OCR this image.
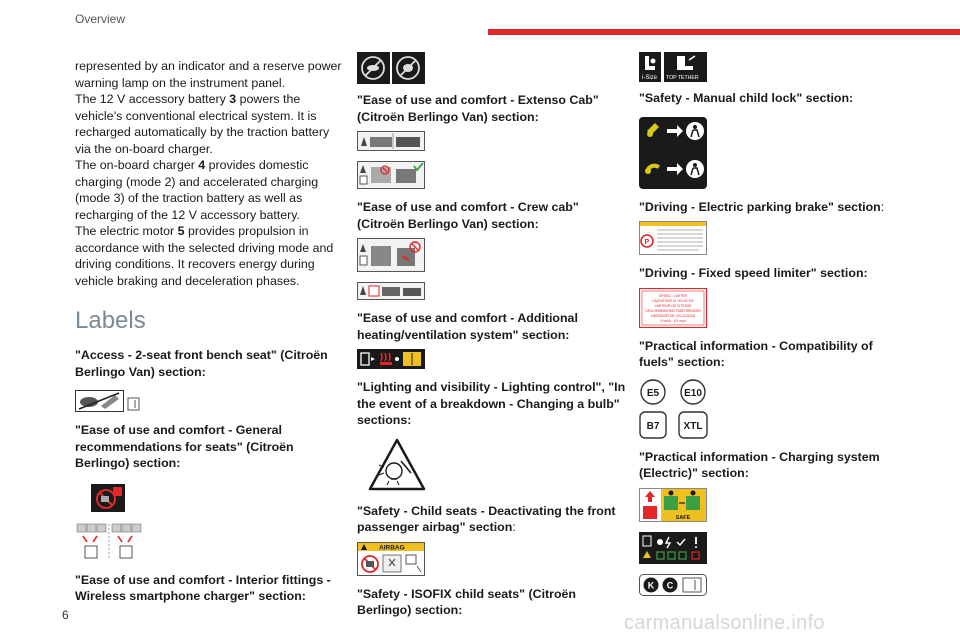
Overview

represented by an indicator and a reserve power warning lamp on the instrument panel.

The 12 V accessory battery 3 powers the vehicle’s conventional electrical system. It is recharged automatically by the traction battery via the on-board charger.

The on-board charger 4 provides domestic charging (mode 2) and accelerated charging (mode 3) of the traction battery as well as recharging of the 12 V accessory battery.

The electric motor 5 provides propulsion in accordance with the selected driving mode and driving conditions. It recovers energy during vehicle braking and deceleration phases.

Labels

"Access - 2-seat front bench seat" (Citroën Berlingo Van) section:

"Ease of use and comfort - General recommendations for seats" (Citroën Berlingo) section:

"Ease of use and comfort - Interior fittings - Wireless smartphone charger" section:

"Ease of use and comfort - Extenso Cab" (Citroën Berlingo Van) section:

"Ease of use and comfort - Crew cab" (Citroën Berlingo Van) section:

"Ease of use and comfort - Additional heating/ventilation system" section:

"Lighting and visibility - Lighting control", "In the event of a breakdown - Changing a bulb" sections:

"Safety - Child seats - Deactivating the front passenger airbag" section:

AIRBAG

"Safety - ISOFIX child seats" (Citroën Berlingo) section:

i-Size TOP TETHER

"Safety - Manual child lock" section:

"Driving - Electric parking brake" section:

P

"Driving - Fixed speed limiter" section:

SPEED - LIMITER
LIMITATORE DI VELOCITA
LIMITEUR DE VITESSE
GESCHWINDIGKEITSBEGRENZER
LIMITADOR DE VELOCIDAD
X km/h - XX mph

"Practical information - Compatibility of fuels" section:

E5 E10
B7 XTL

"Practical information - Charging system (Electric)" section:

SAFE
K C
6	carmanualsonline.info
